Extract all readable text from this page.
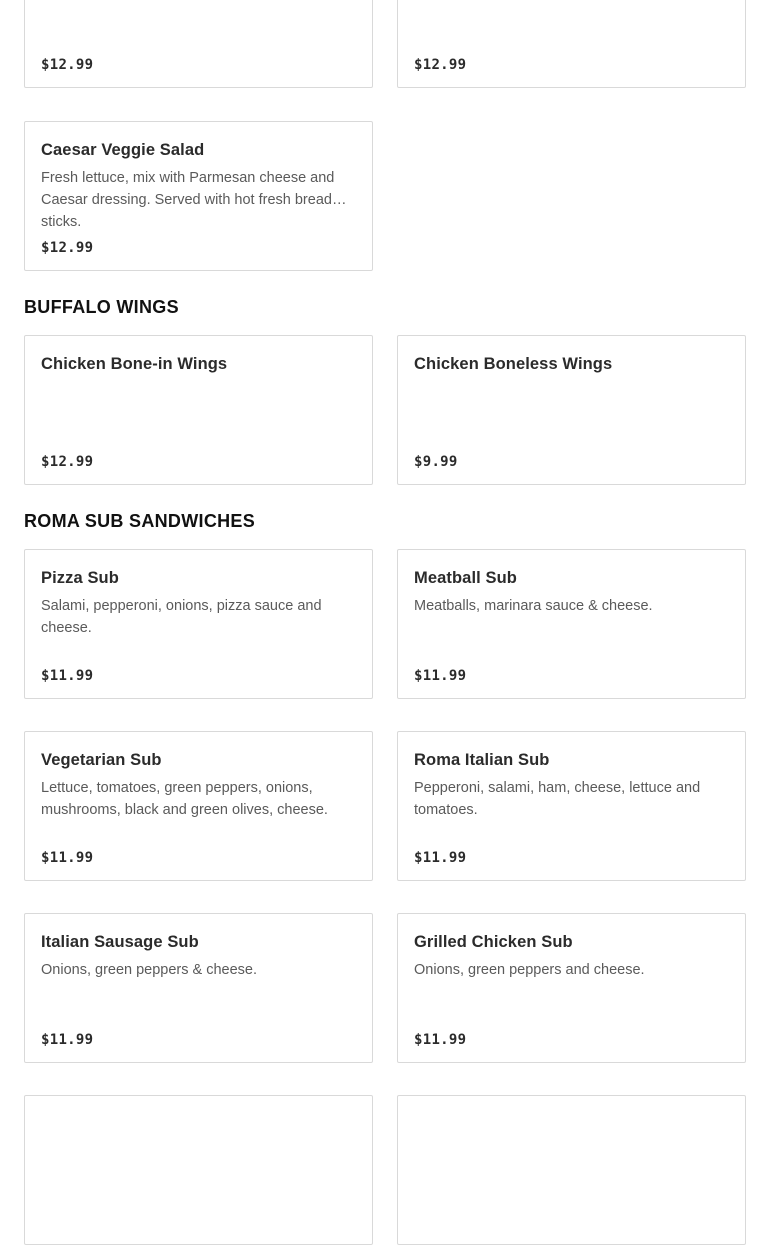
$12.99	$12.99
Caesar Veggie Salad
Fresh lettuce, mix with Parmesan cheese and Caesar dressing. Served with hot fresh bread sticks.
$12.99
BUFFALO WINGS
Chicken Bone-in Wings
$12.99
Chicken Boneless Wings
$9.99
ROMA SUB SANDWICHES
Pizza Sub
Salami, pepperoni, onions, pizza sauce and cheese.
$11.99
Meatball Sub
Meatballs, marinara sauce & cheese.
$11.99
Vegetarian Sub
Lettuce, tomatoes, green peppers, onions, mushrooms, black and green olives, cheese.
$11.99
Roma Italian Sub
Pepperoni, salami, ham, cheese, lettuce and tomatoes.
$11.99
Italian Sausage Sub
Onions, green peppers & cheese.
$11.99
Grilled Chicken Sub
Onions, green peppers and cheese.
$11.99
